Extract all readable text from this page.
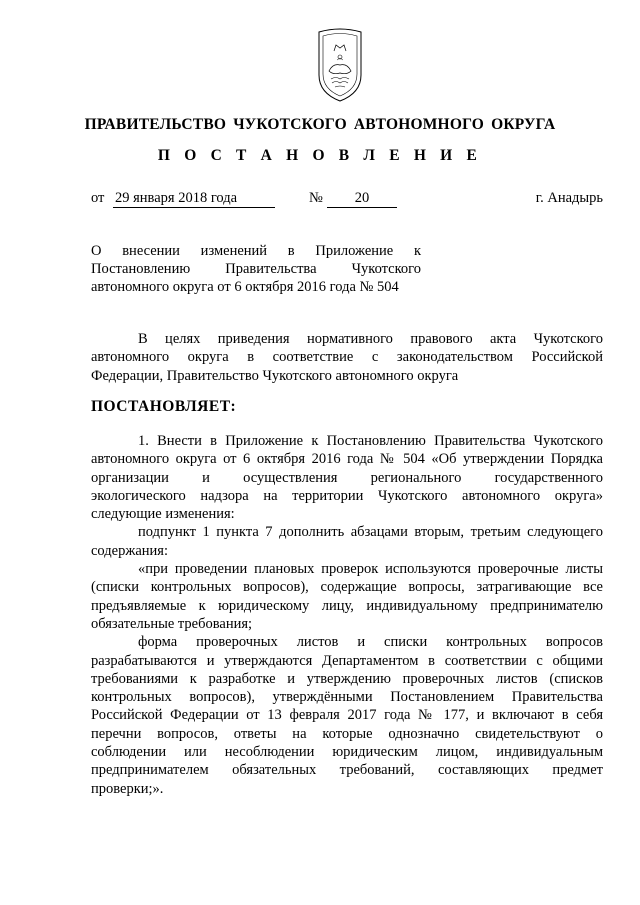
ПРАВИТЕЛЬСТВО ЧУКОТСКОГО АВТОНОМНОГО ОКРУГА
П О С Т А Н О В Л Е Н И Е
от 29 января 2018 года	№	20	г. Анадырь
О внесении изменений в Приложение к
Постановлению Правительства Чукотского
автономного округа от 6 октября 2016 года № 504
В целях приведения нормативного правового акта Чукотского
автономного округа в соответствие с законодательством Российской
Федерации, Правительство Чукотского автономного округа
ПОСТАНОВЛЯЕТ:
1. Внести в Приложение к Постановлению Правительства Чукотского
автономного округа от 6 октября 2016 года № 504 «Об утверждении Порядка
организации и осуществления регионального государственного
экологического надзора на территории Чукотского автономного округа»
следующие изменения:
подпункт 1 пункта 7 дополнить абзацами вторым, третьим следующего
содержания:
«при проведении плановых проверок используются проверочные листы
(списки контрольных вопросов), содержащие вопросы, затрагивающие все
предъявляемые к юридическому лицу, индивидуальному предпринимателю
обязательные требования;
форма проверочных листов и списки контрольных вопросов
разрабатываются и утверждаются Департаментом в соответствии с общими
требованиями к разработке и утверждению проверочных листов (списков
контрольных вопросов), утверждёнными Постановлением Правительства
Российской Федерации от 13 февраля 2017 года № 177, и включают в себя
перечни вопросов, ответы на которые однозначно свидетельствуют о
соблюдении или несоблюдении юридическим лицом, индивидуальным
предпринимателем обязательных требований, составляющих предмет
проверки;».
